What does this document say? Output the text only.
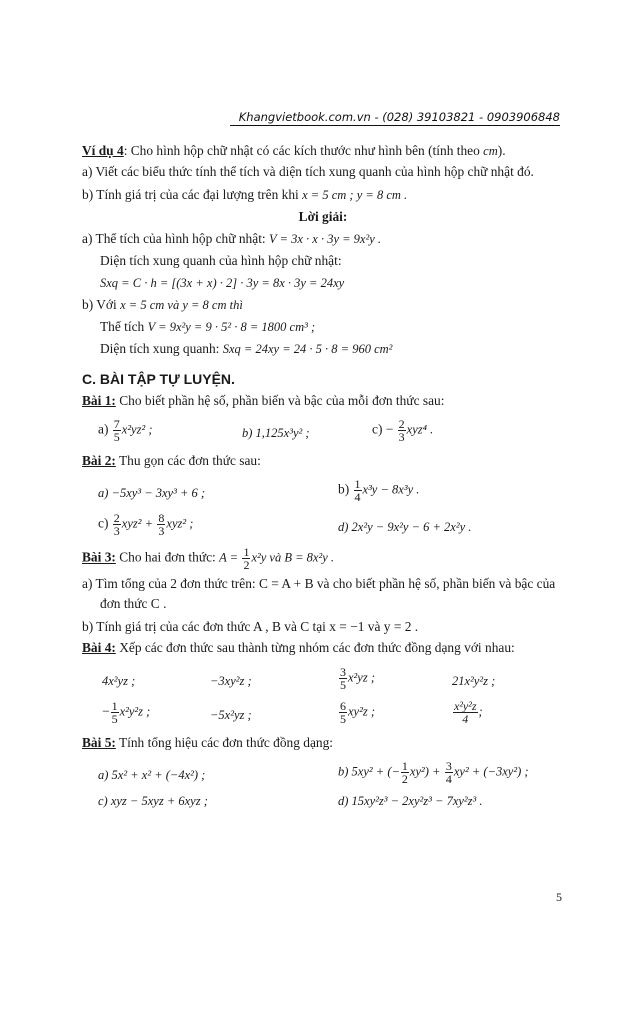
Khangvietbook.com.vn - (028) 39103821 - 0903906848
Ví dụ 4: Cho hình hộp chữ nhật có các kích thước như hình bên (tính theo cm).
a) Viết các biểu thức tính thể tích và diện tích xung quanh của hình hộp chữ nhật đó.
b) Tính giá trị của các đại lượng trên khi x = 5 cm ; y = 8 cm .
Lời giải:
a) Thể tích của hình hộp chữ nhật: V = 3x · x · 3y = 9x²y .
Diện tích xung quanh của hình hộp chữ nhật:
Sxq = C · h = [(3x + x) · 2] · 3y = 8x · 3y = 24xy
b) Với x = 5 cm và y = 8 cm thì
Thể tích V = 9x²y = 9 · 5² · 8 = 1800 cm³ ;
Diện tích xung quanh: Sxq = 24xy = 24 · 5 · 8 = 960 cm²
C. BÀI TẬP TỰ LUYỆN.
Bài 1: Cho biết phần hệ số, phần biến và bậc của mỗi đơn thức sau:
$a) \frac{7}{5} x^2yz^2$ ;	b) 1,125x³y² ;	$c) - \frac{2}{3} xyz^4$ .
Bài 2: Thu gọn các đơn thức sau:
a) −5xy³ − 3xy³ + 6 ;	$b) \frac{1}{4} x^3y - 8x^3y$ .
$c) \frac{2}{3} xyz^2 + \frac{8}{3} xyz^2$ ;	d) 2x²y − 9x²y − 6 + 2x²y .
Bài 3: Cho hai đơn thức: $A = \frac{1}{2} x^2y$ và B = 8x²y .
a) Tìm tổng của 2 đơn thức trên: C = A + B và cho biết phần hệ số, phần biến và bậc của đơn thức C .
b) Tính giá trị của các đơn thức A , B và C tại x = −1 và y = 2 .
Bài 4: Xếp các đơn thức sau thành từng nhóm các đơn thức đồng dạng với nhau:
4x²yz ;	−3xy²z ;	$\frac{3}{5} x^2yz$ ;	21x²y²z ;
− $\frac{1}{5} x^2y^2z$ ;	−5x²yz ;	$\frac{6}{5} xy^2z$ ;	$\frac{\text{x²y²z}}{4}$ ;
Bài 5: Tính tổng hiệu các đơn thức đồng dạng:
a) 5x² + x² + (−4x²) ;	b) 5xy² + (− $\frac{1}{2} xy^2) + \frac{3}{4} xy^2 + (-3xy^2)$ ;
c) xyz − 5xyz + 6xyz ;	d) 15xy²z³ − 2xy²z³ − 7xy²z³ .
5
